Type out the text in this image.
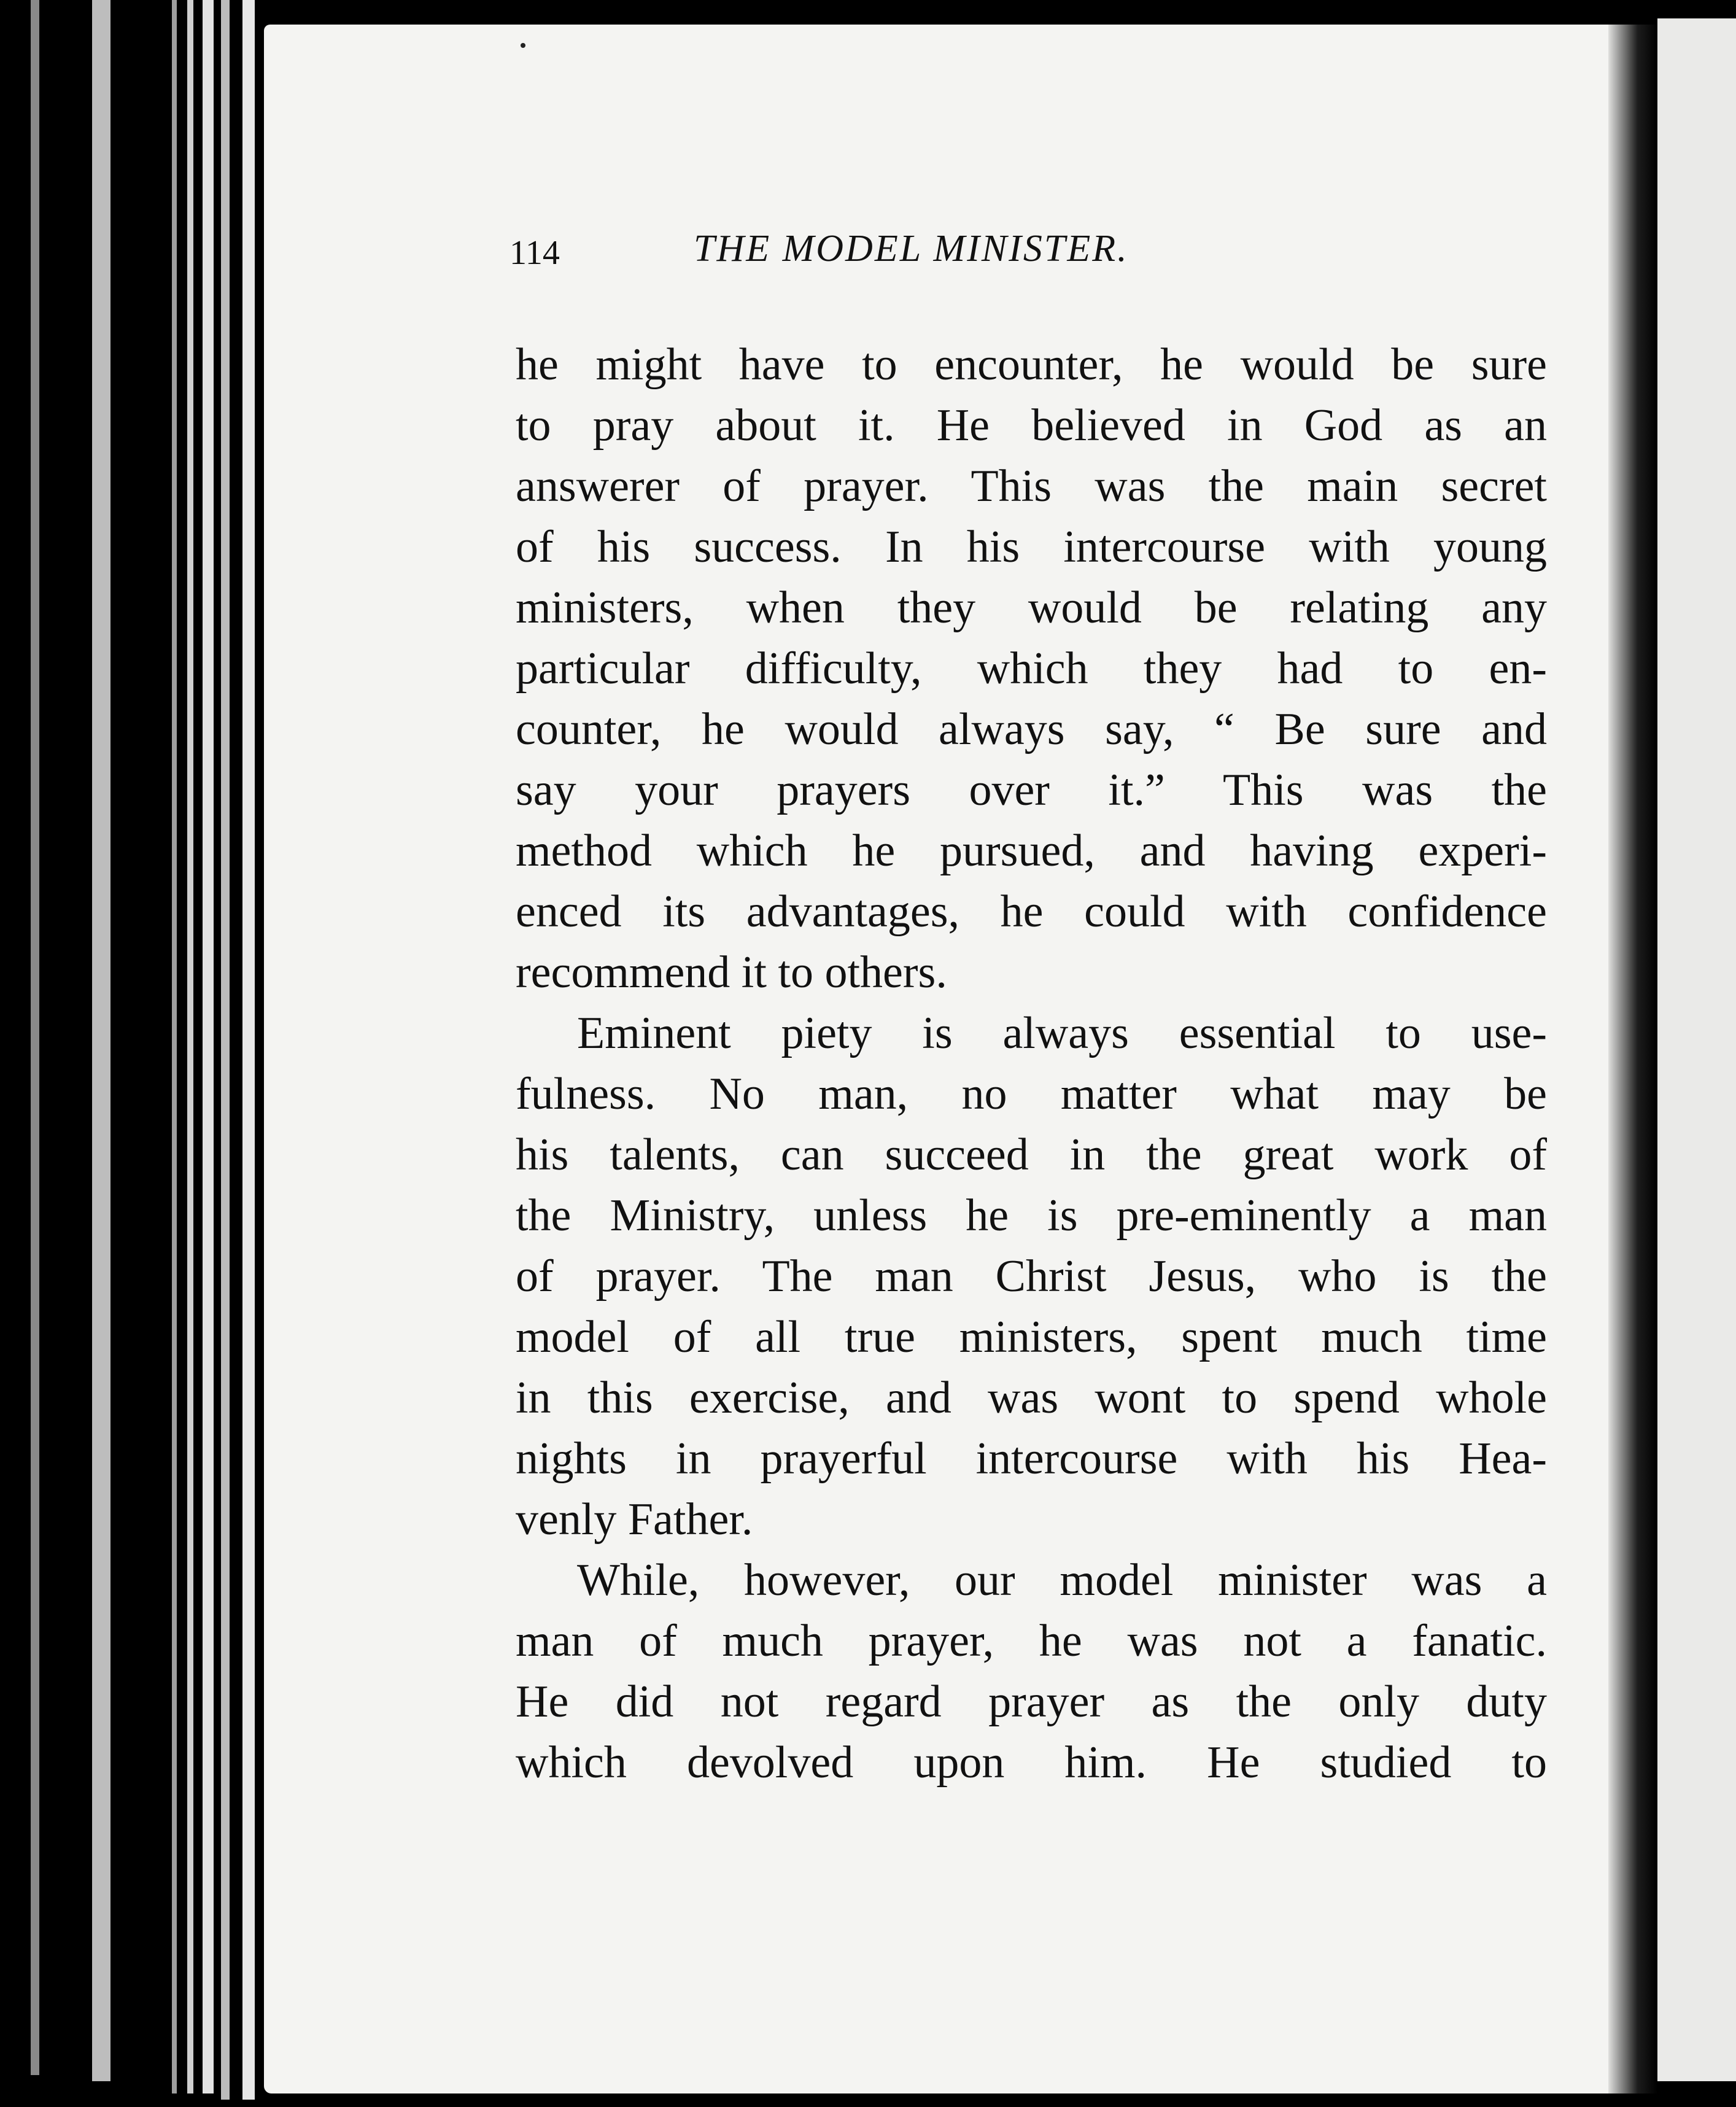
114	THE MODEL MINISTER.

he might have to encounter, he would be sure
to pray about it. He believed in God as an
answerer of prayer. This was the main secret
of his success. In his intercourse with young
ministers, when they would be relating any
particular difficulty, which they had to en-
counter, he would always say, “ Be sure and
say your prayers over it.” This was the
method which he pursued, and having experi-
enced its advantages, he could with confidence
recommend it to others.

Eminent piety is always essential to use-
fulness. No man, no matter what may be
his talents, can succeed in the great work of
the Ministry, unless he is pre-eminently a man
of prayer. The man Christ Jesus, who is the
model of all true ministers, spent much time
in this exercise, and was wont to spend whole
nights in prayerful intercourse with his Hea-
venly Father.

While, however, our model minister was a
man of much prayer, he was not a fanatic.
He did not regard prayer as the only duty
which devolved upon him. He studied to
